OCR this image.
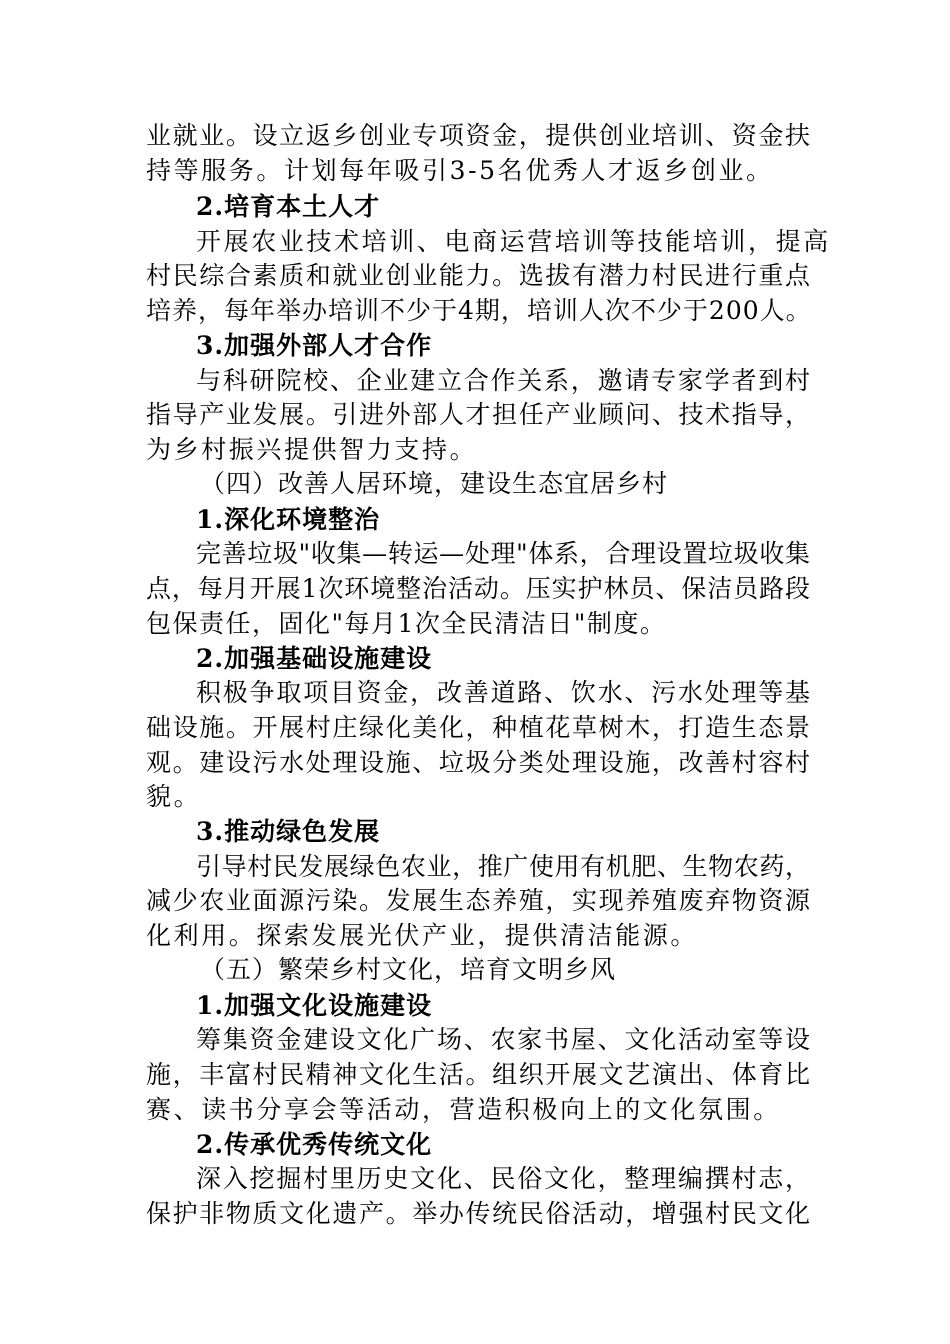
业就业。设立返乡创业专项资金，提供创业培训、资金扶
持等服务。计划每年吸引3-5名优秀人才返乡创业。
2.培育本土人才
开展农业技术培训、电商运营培训等技能培训，提高
村民综合素质和就业创业能力。选拔有潜力村民进行重点
培养，每年举办培训不少于4期，培训人次不少于200人。
3.加强外部人才合作
与科研院校、企业建立合作关系，邀请专家学者到村
指导产业发展。引进外部人才担任产业顾问、技术指导，
为乡村振兴提供智力支持。
（四）改善人居环境，建设生态宜居乡村
1.深化环境整治
完善垃圾"收集—转运—处理"体系，合理设置垃圾收集
点，每月开展1次环境整治活动。压实护林员、保洁员路段
包保责任，固化"每月1次全民清洁日"制度。
2.加强基础设施建设
积极争取项目资金，改善道路、饮水、污水处理等基
础设施。开展村庄绿化美化，种植花草树木，打造生态景
观。建设污水处理设施、垃圾分类处理设施，改善村容村
貌。
3.推动绿色发展
引导村民发展绿色农业，推广使用有机肥、生物农药，
减少农业面源污染。发展生态养殖，实现养殖废弃物资源
化利用。探索发展光伏产业，提供清洁能源。
（五）繁荣乡村文化，培育文明乡风
1.加强文化设施建设
筹集资金建设文化广场、农家书屋、文化活动室等设
施，丰富村民精神文化生活。组织开展文艺演出、体育比
赛、读书分享会等活动，营造积极向上的文化氛围。
2.传承优秀传统文化
深入挖掘村里历史文化、民俗文化，整理编撰村志，
保护非物质文化遗产。举办传统民俗活动，增强村民文化
